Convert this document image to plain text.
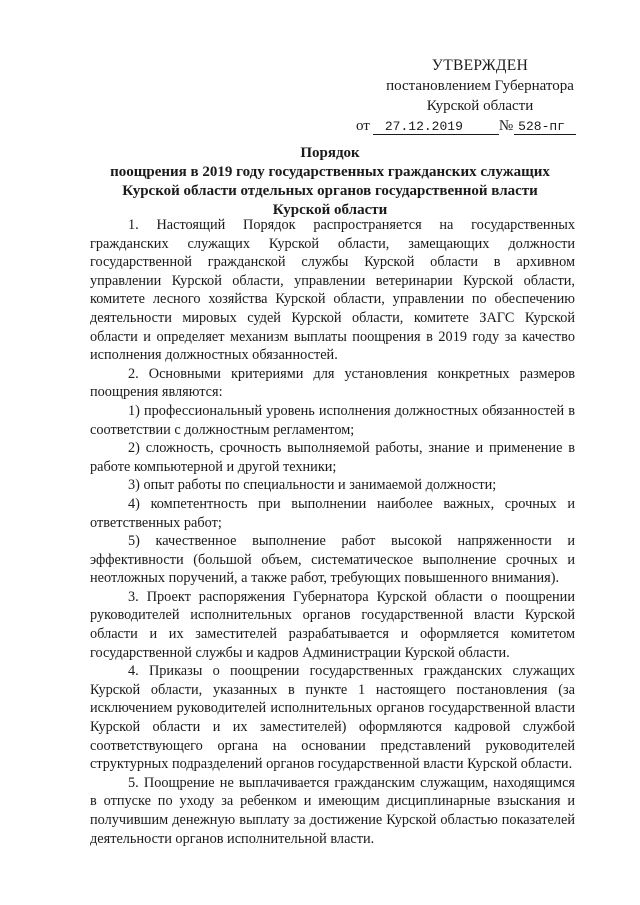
УТВЕРЖДЕН
постановлением Губернатора
Курской области
от	27.12.2019	№ 528-пг
Порядок
поощрения в 2019 году государственных гражданских служащих Курской области отдельных органов государственной власти Курской области

1. Настоящий Порядок распространяется на государственных гражданских служащих Курской области, замещающих должности государственной гражданской службы Курской области в архивном управлении Курской области, управлении ветеринарии Курской области, комитете лесного хозяйства Курской области, управлении по обеспечению деятельности мировых судей Курской области, комитете ЗАГС Курской области и определяет механизм выплаты поощрения в 2019 году за качество исполнения должностных обязанностей.

2. Основными критериями для установления конкретных размеров поощрения являются:

1) профессиональный уровень исполнения должностных обязанностей в соответствии с должностным регламентом;

2) сложность, срочность выполняемой работы, знание и применение в работе компьютерной и другой техники;

3) опыт работы по специальности и занимаемой должности;

4) компетентность при выполнении наиболее важных, срочных и ответственных работ;

5) качественное выполнение работ высокой напряженности и эффективности (большой объем, систематическое выполнение срочных и неотложных поручений, а также работ, требующих повышенного внимания).

3. Проект распоряжения Губернатора Курской области о поощрении руководителей исполнительных органов государственной власти Курской области и их заместителей разрабатывается и оформляется комитетом государственной службы и кадров Администрации Курской области.

4. Приказы о поощрении государственных гражданских служащих Курской области, указанных в пункте 1 настоящего постановления (за исключением руководителей исполнительных органов государственной власти Курской области и их заместителей) оформляются кадровой службой соответствующего органа на основании представлений руководителей структурных подразделений органов государственной власти Курской области.

5. Поощрение не выплачивается гражданским служащим, находящимся в отпуске по уходу за ребенком и имеющим дисциплинарные взыскания и получившим денежную выплату за достижение Курской областью показателей деятельности органов исполнительной власти.
